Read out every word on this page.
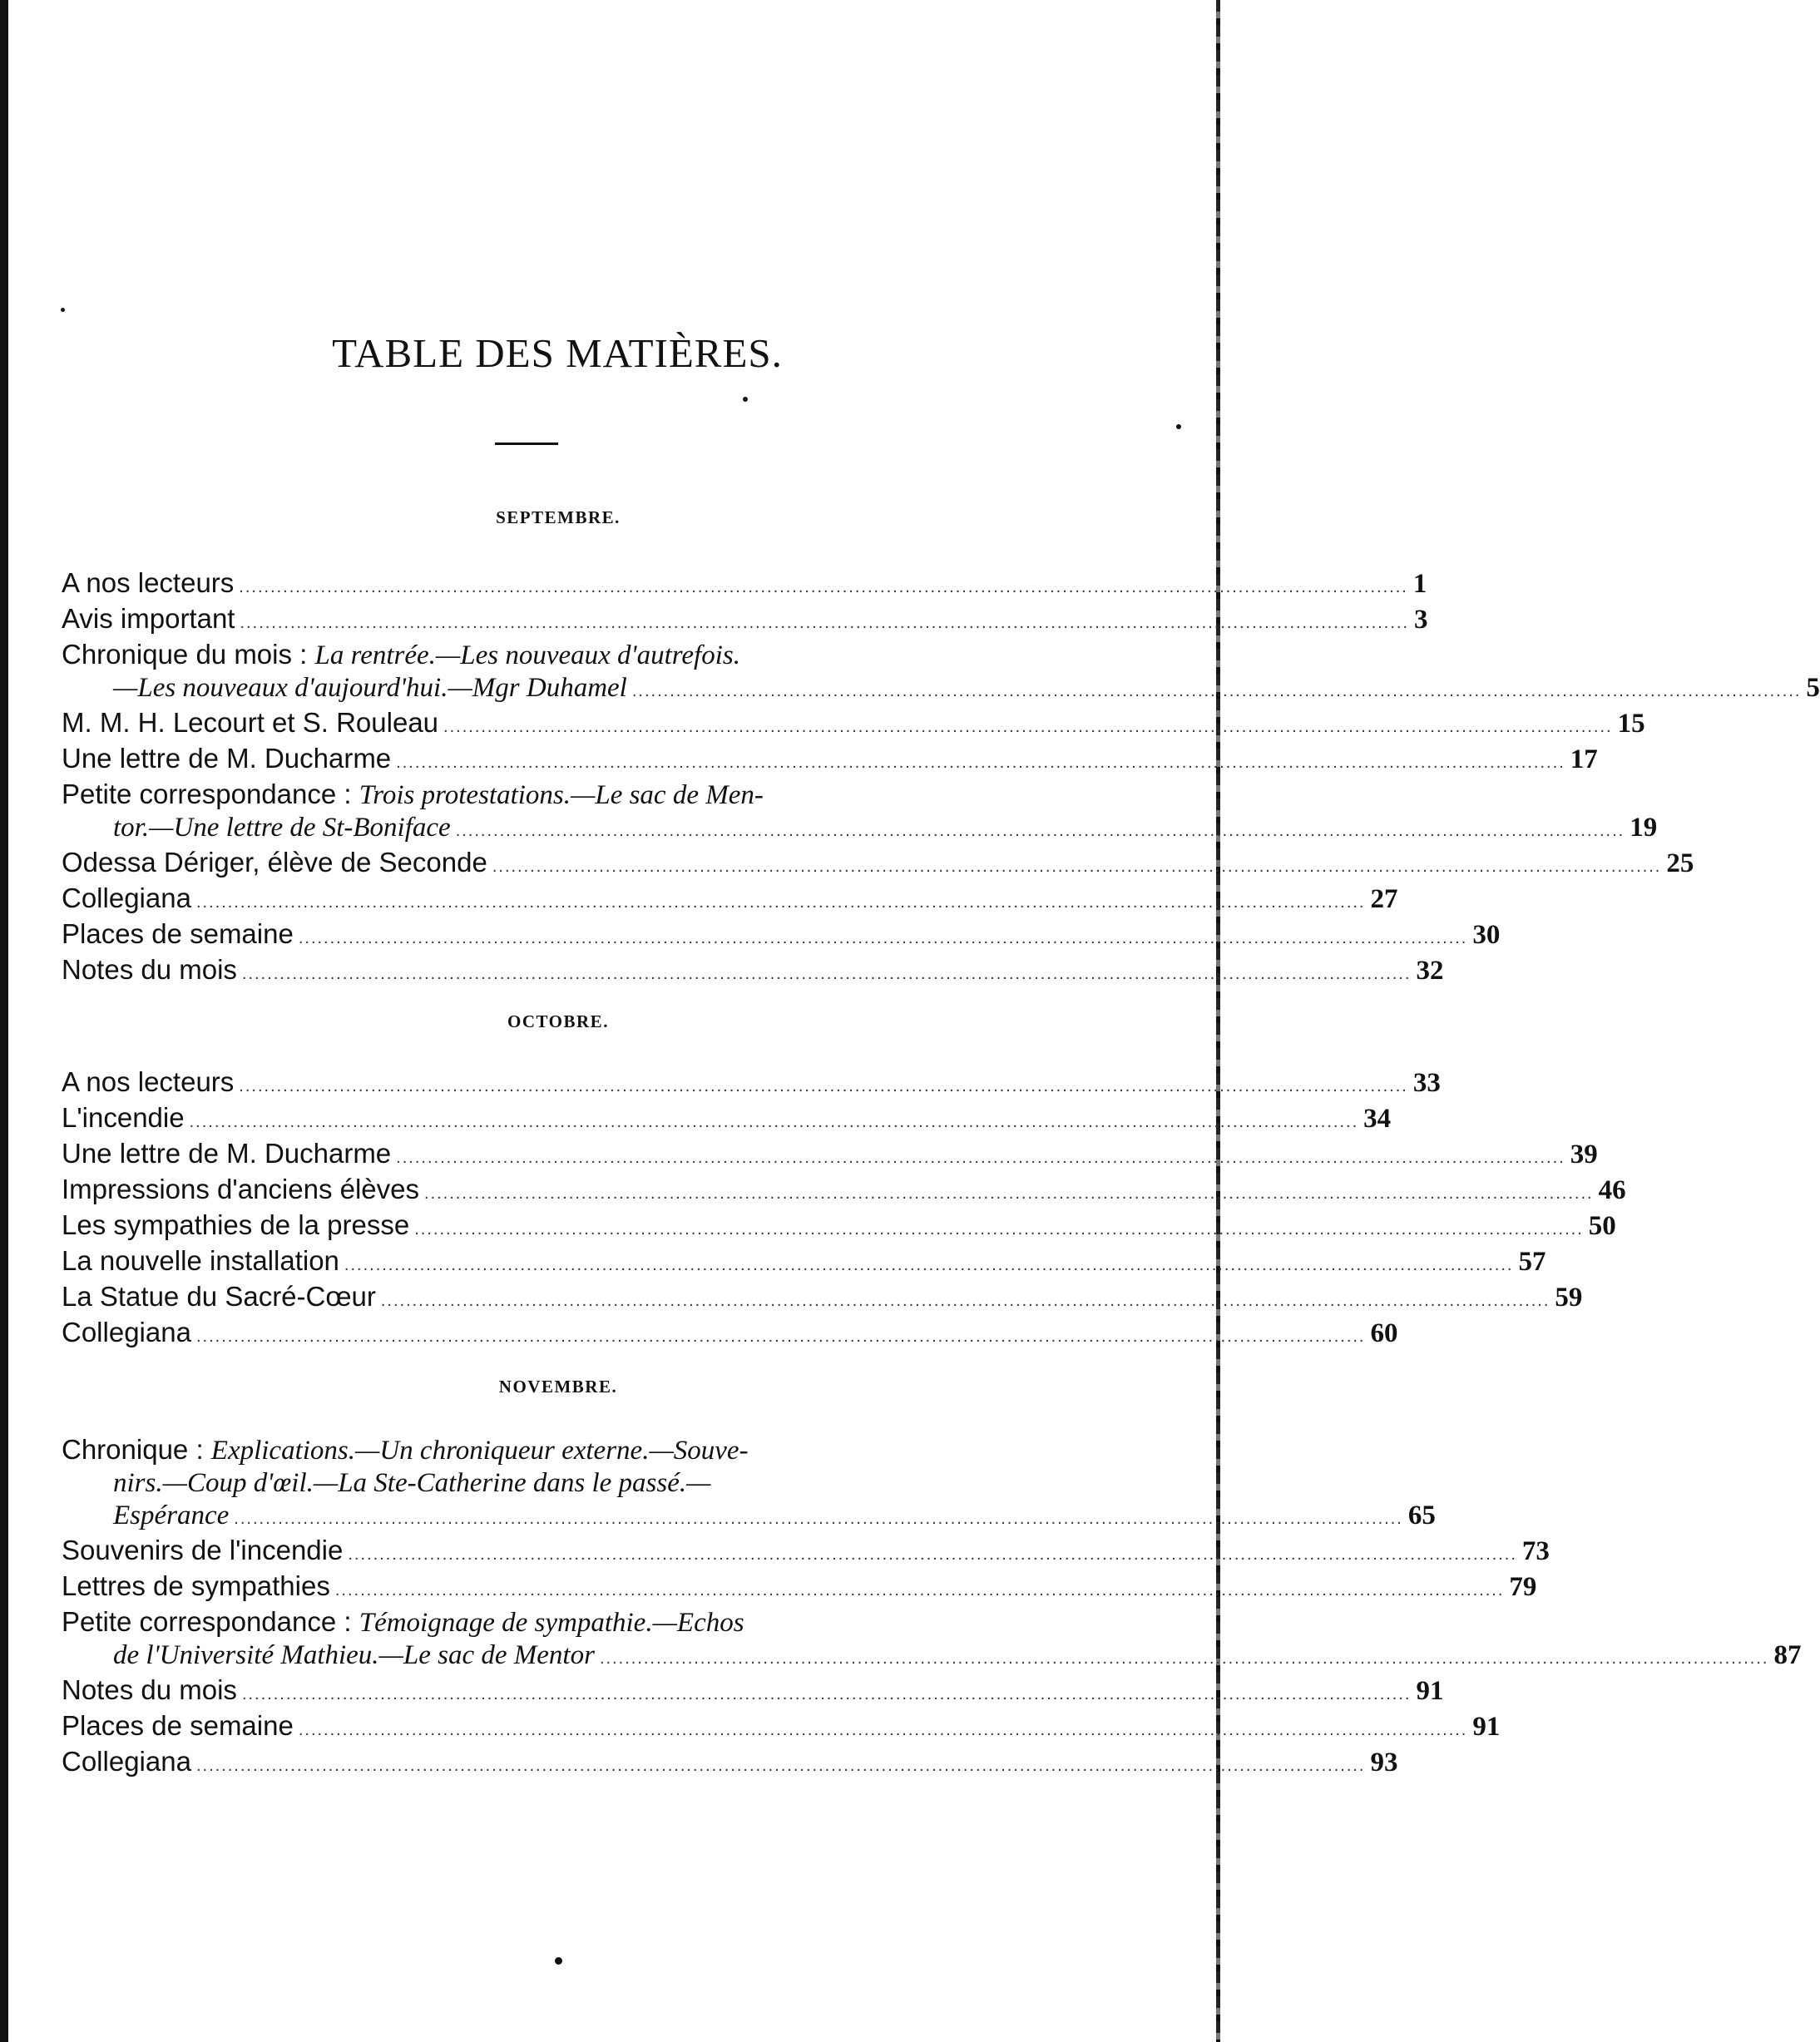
TABLE DES MATIÈRES.
SEPTEMBRE.
A nos lecteurs .......................................................................................................................................................................................... 1
Avis important .......................................................................................................................................................................................... 3
Chronique du mois : La rentrée.—Les nouveaux d'autrefois.
—Les nouveaux d'aujourd'hui.—Mgr Duhamel .......................................................................................................................................................................................... 5
M. M. H. Lecourt et S. Rouleau .......................................................................................................................................................................................... 15
Une lettre de M. Ducharme .......................................................................................................................................................................................... 17
Petite correspondance : Trois protestations.—Le sac de Men-
tor.—Une lettre de St-Boniface .......................................................................................................................................................................................... 19
Odessa Dériger, élève de Seconde .......................................................................................................................................................................................... 25
Collegiana .......................................................................................................................................................................................... 27
Places de semaine .......................................................................................................................................................................................... 30
Notes du mois .......................................................................................................................................................................................... 32
OCTOBRE.
A nos lecteurs .......................................................................................................................................................................................... 33
L'incendie .......................................................................................................................................................................................... 34
Une lettre de M. Ducharme .......................................................................................................................................................................................... 39
Impressions d'anciens élèves .......................................................................................................................................................................................... 46
Les sympathies de la presse .......................................................................................................................................................................................... 50
La nouvelle installation .......................................................................................................................................................................................... 57
La Statue du Sacré-Cœur .......................................................................................................................................................................................... 59
Collegiana .......................................................................................................................................................................................... 60
NOVEMBRE.
Chronique : Explications.—Un chroniqueur externe.—Souve-
nirs.—Coup d'œil.—La Ste-Catherine dans le passé.—
Espérance .......................................................................................................................................................................................... 65
Souvenirs de l'incendie .......................................................................................................................................................................................... 73
Lettres de sympathies .......................................................................................................................................................................................... 79
Petite correspondance : Témoignage de sympathie.—Echos
de l'Université Mathieu.—Le sac de Mentor .......................................................................................................................................................................................... 87
Notes du mois .......................................................................................................................................................................................... 91
Places de semaine .......................................................................................................................................................................................... 91
Collegiana .......................................................................................................................................................................................... 93
